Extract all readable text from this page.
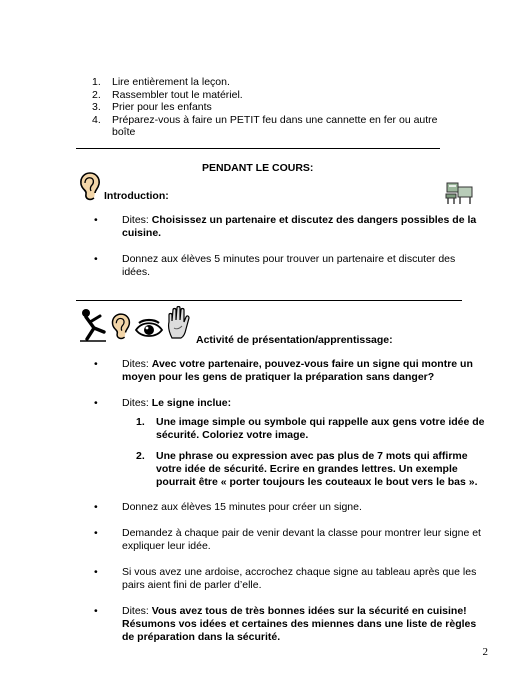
1. Lire entièrement la leçon.
2. Rassembler tout le matériel.
3. Prier pour les enfants
4. Préparez-vous à faire un PETIT feu dans une cannette en fer ou autre boîte
PENDANT LE COURS:
Introduction:
• Dites: Choisissez un partenaire et discutez des dangers possibles de la cuisine.
• Donnez aux élèves 5 minutes pour trouver un partenaire et discuter des idées.
Activité de présentation/apprentissage:
• Dites: Avec votre partenaire, pouvez-vous faire un signe qui montre un moyen pour les gens de pratiquer la préparation sans danger?
• Dites: Le signe inclue:
1. Une image simple ou symbole qui rappelle aux gens votre idée de sécurité. Coloriez votre image.
2. Une phrase ou expression avec pas plus de 7 mots qui affirme votre idée de sécurité. Ecrire en grandes lettres. Un exemple pourrait être « porter toujours les couteaux le bout vers le bas ».
• Donnez aux élèves 15 minutes pour créer un signe.
• Demandez à chaque pair de venir devant la classe pour montrer leur signe et expliquer leur idée.
• Si vous avez une ardoise, accrochez chaque signe au tableau après que les pairs aient fini de parler d’elle.
• Dites: Vous avez tous de très bonnes idées sur la sécurité en cuisine! Résumons vos idées et certaines des miennes dans une liste de règles de préparation dans la sécurité.
2
